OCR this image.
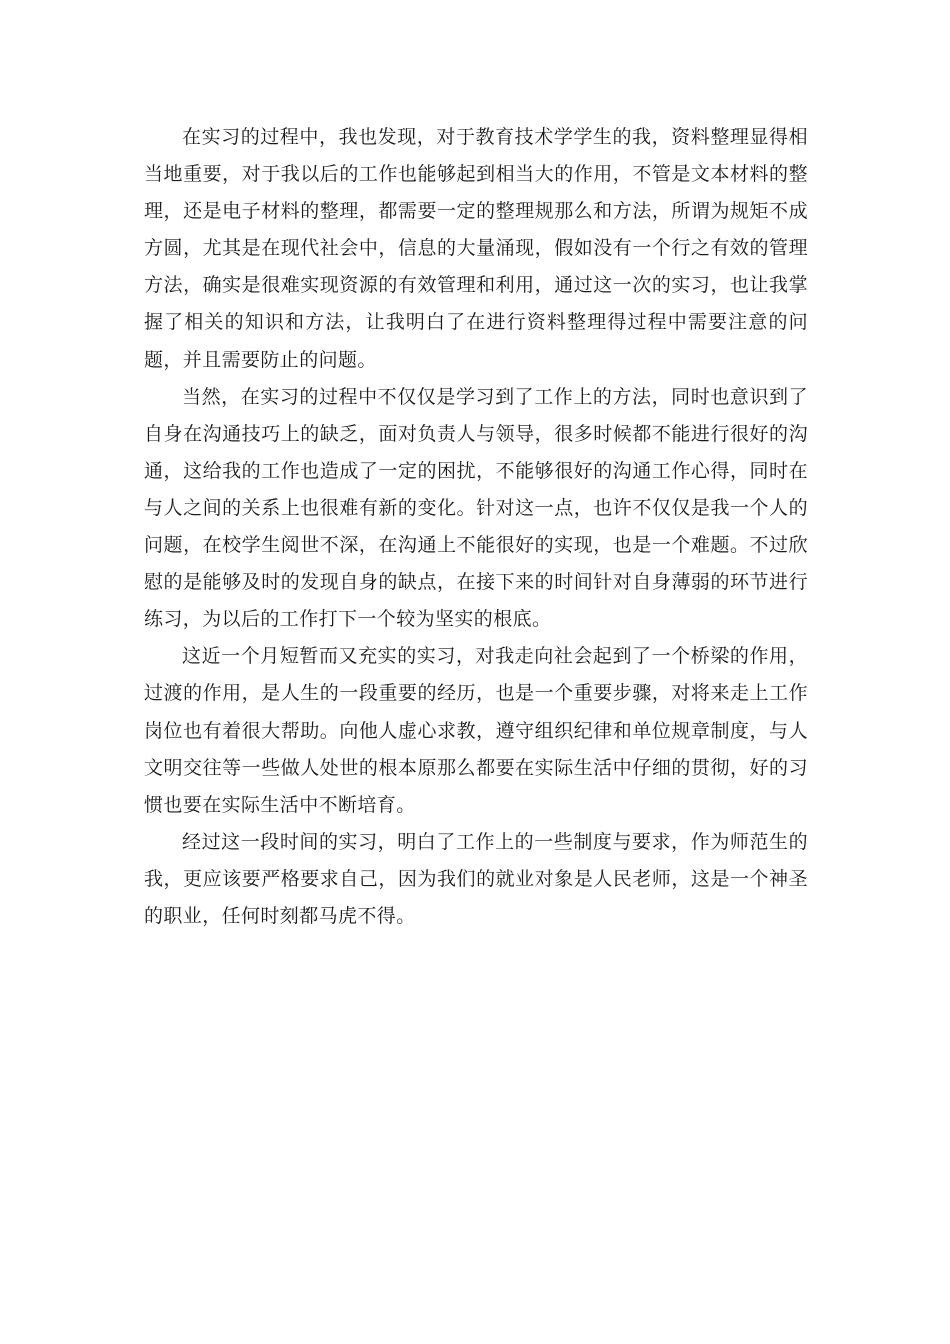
在实习的过程中，我也发现，对于教育技术学学生的我，资料整理显得相当地重要，对于我以后的工作也能够起到相当大的作用，不管是文本材料的整理，还是电子材料的整理，都需要一定的整理规那么和方法，所谓为规矩不成方圆，尤其是在现代社会中，信息的大量涌现，假如没有一个行之有效的管理方法，确实是很难实现资源的有效管理和利用，通过这一次的实习，也让我掌握了相关的知识和方法，让我明白了在进行资料整理得过程中需要注意的问题，并且需要防止的问题。

当然，在实习的过程中不仅仅是学习到了工作上的方法，同时也意识到了自身在沟通技巧上的缺乏，面对负责人与领导，很多时候都不能进行很好的沟通，这给我的工作也造成了一定的困扰，不能够很好的沟通工作心得，同时在与人之间的关系上也很难有新的变化。针对这一点，也许不仅仅是我一个人的问题，在校学生阅世不深，在沟通上不能很好的实现，也是一个难题。不过欣慰的是能够及时的发现自身的缺点，在接下来的时间针对自身薄弱的环节进行练习，为以后的工作打下一个较为坚实的根底。

这近一个月短暂而又充实的实习，对我走向社会起到了一个桥梁的作用，过渡的作用，是人生的一段重要的经历，也是一个重要步骤，对将来走上工作岗位也有着很大帮助。向他人虚心求教，遵守组织纪律和单位规章制度，与人文明交往等一些做人处世的根本原那么都要在实际生活中仔细的贯彻，好的习惯也要在实际生活中不断培育。

经过这一段时间的实习，明白了工作上的一些制度与要求，作为师范生的我，更应该要严格要求自己，因为我们的就业对象是人民老师，这是一个神圣的职业，任何时刻都马虎不得。
